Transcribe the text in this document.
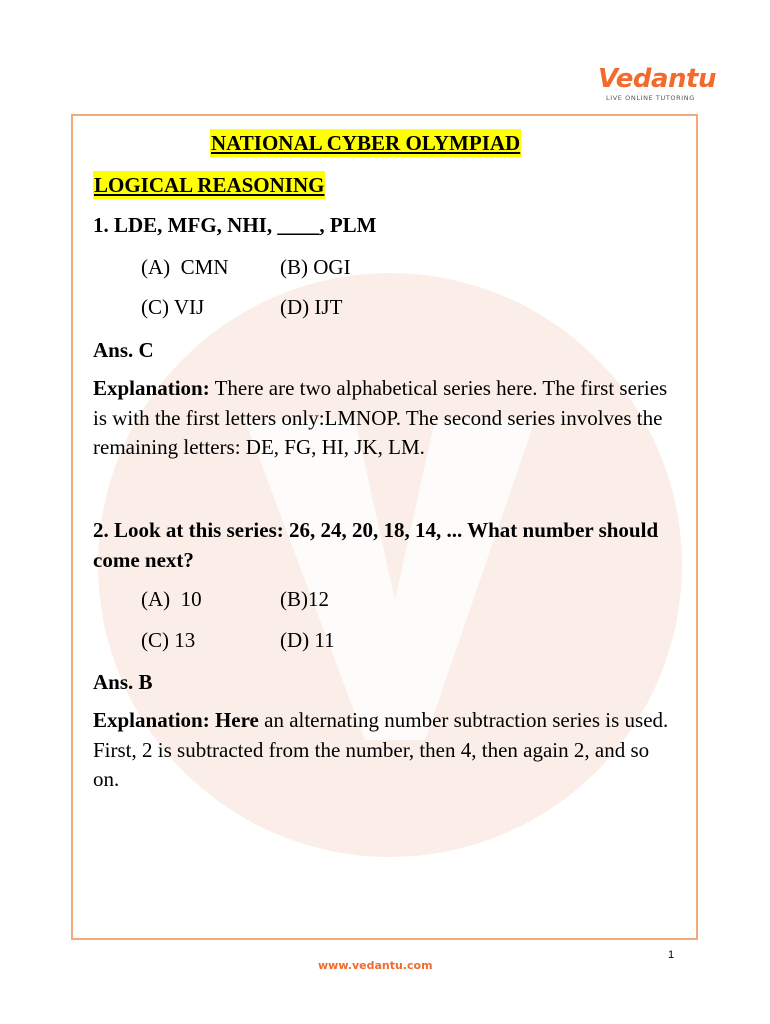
Vedantu
LIVE ONLINE TUTORING
NATIONAL CYBER OLYMPIAD
LOGICAL REASONING
1. LDE, MFG, NHI, ____, PLM
(A)  CMN (B) OGI
(C) VIJ	(D) IJT
Ans. C
Explanation: There are two alphabetical series here. The first series is with the first letters only:LMNOP. The second series involves the remaining letters: DE, FG, HI, JK, LM.
2. Look at this series: 26, 24, 20, 18, 14, ... What number should come next?
(A)  10	(B)12
(C) 13	(D) 11
Ans. B
Explanation: Here an alternating number subtraction series is used. First, 2 is subtracted from the number, then 4, then again 2, and so on.
1
www.vedantu.com
